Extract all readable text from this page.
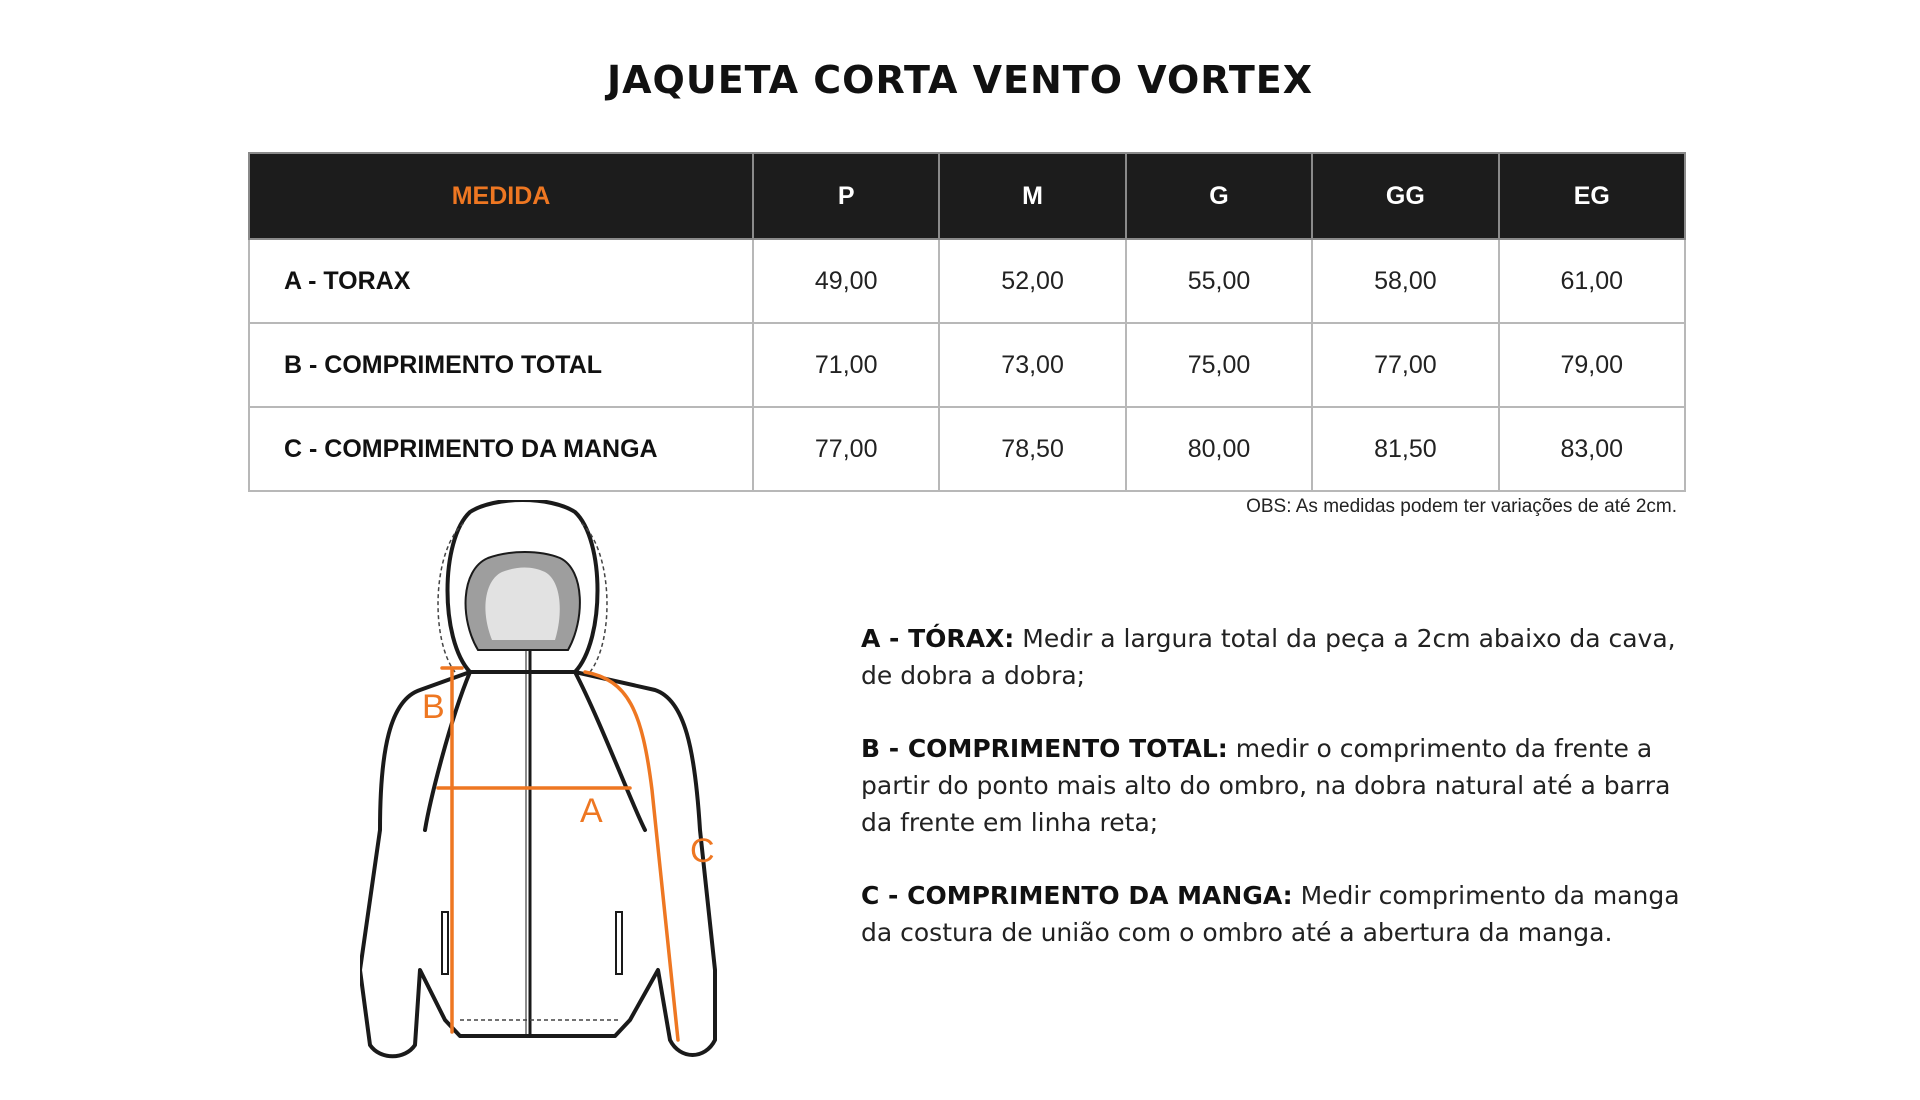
JAQUETA CORTA VENTO VORTEX
MEDIDA	P	M	G	GG	EG
A - TORAX	49,00	52,00	55,00	58,00	61,00
B - COMPRIMENTO TOTAL	71,00	73,00	75,00	77,00	79,00
C - COMPRIMENTO DA MANGA	77,00	78,50	80,00	81,50	83,00
OBS: As medidas podem ter variações de até 2cm.
B
A
C

A - TÓRAX: Medir a largura total da peça a 2cm abaixo da cava, de dobra a dobra;

B - COMPRIMENTO TOTAL: medir o comprimento da frente a partir do ponto mais alto do ombro, na dobra natural até a barra da frente em linha reta;

C - COMPRIMENTO DA MANGA: Medir comprimento da manga da costura de união com o ombro até a abertura da manga.
